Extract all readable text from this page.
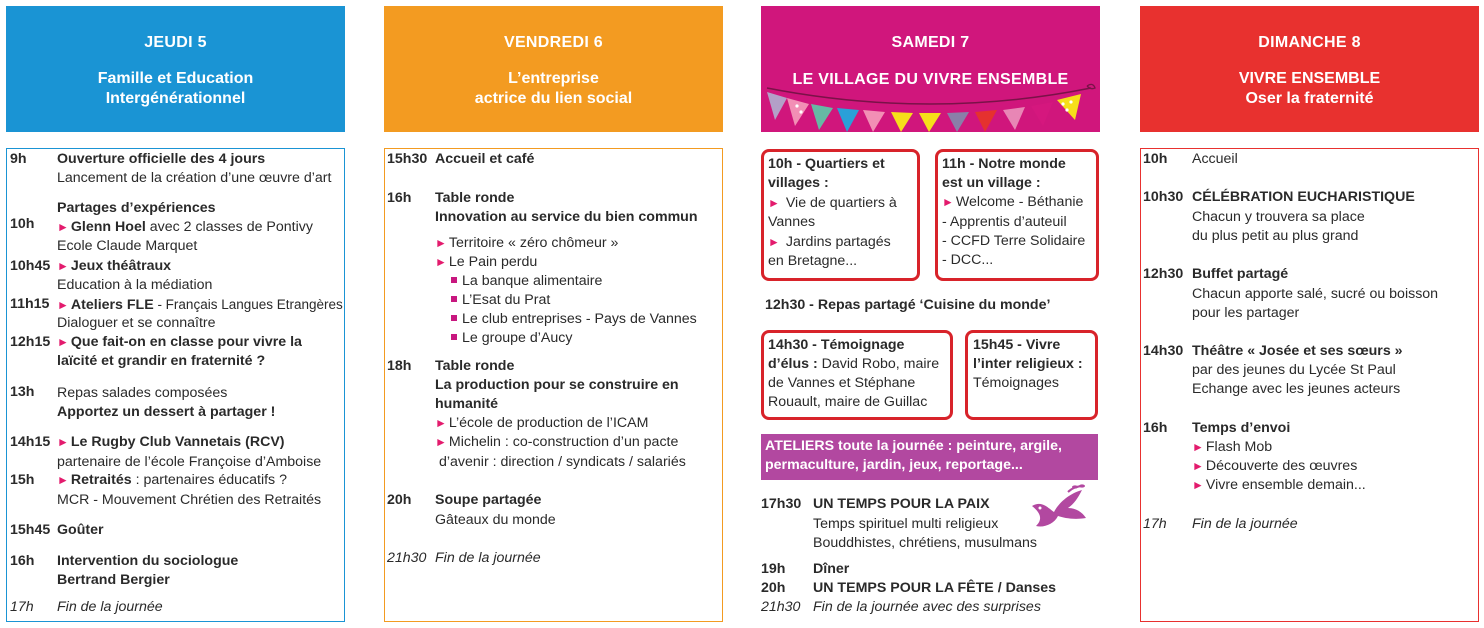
JEUDI 5
Famille et Education
Intergénérationnel
VENDREDI 6
L’entreprise
actrice du lien social
SAMEDI 7
LE VILLAGE DU VIVRE ENSEMBLE
DIMANCHE 8
VIVRE ENSEMBLE
Oser la fraternité
9h Ouverture officielle des 4 jours
Lancement de la création d’une œuvre d’art
Partages d’expériences
10h ► Glenn Hoel avec 2 classes de Pontivy
Ecole Claude Marquet
10h45 ► Jeux théâtraux
Education à la médiation
11h15 ► Ateliers FLE - Français Langues Etrangères
Dialoguer et se connaître
12h15 ► Que fait-on en classe pour vivre la
laïcité et grandir en fraternité ?
13h Repas salades composées
Apportez un dessert à partager !
14h15 ► Le Rugby Club Vannetais (RCV)
partenaire de l’école Françoise d’Amboise
15h ► Retraités : partenaires éducatifs ?
MCR - Mouvement Chrétien des Retraités
15h45 Goûter
16h Intervention du sociologue
Bertrand Bergier
17h Fin de la journée
15h30 Accueil et café
16h Table ronde
Innovation au service du bien commun
► Territoire « zéro chômeur »
► Le Pain perdu
La banque alimentaire
L’Esat du Prat
Le club entreprises - Pays de Vannes
Le groupe d’Aucy
18h Table ronde
La production pour se construire en
humanité
► L’école de production de l’ICAM
► Michelin : co-construction d’un pacte
d’avenir : direction / syndicats / salariés
20h Soupe partagée
Gâteaux du monde
21h30 Fin de la journée
10h - Quartiers et
villages :
► Vie de quartiers à
Vannes
► Jardins partagés
en Bretagne...
11h - Notre monde
est un village :
► Welcome - Béthanie
- Apprentis d’auteuil
- CCFD Terre Solidaire
- DCC...
12h30 - Repas partagé ‘Cuisine du monde’
14h30 - Témoignage
d’élus : David Robo, maire
de Vannes et Stéphane
Rouault, maire de Guillac
15h45 - Vivre
l’inter religieux :
Témoignages
ATELIERS toute la journée : peinture, argile,
permaculture, jardin, jeux, reportage...
17h30 UN TEMPS POUR LA PAIX
Temps spirituel multi religieux
Bouddhistes, chrétiens, musulmans
19h Dîner
20h UN TEMPS POUR LA FÊTE / Danses
21h30 Fin de la journée avec des surprises
10h Accueil
10h30 CÉLÉBRATION EUCHARISTIQUE
Chacun y trouvera sa place
du plus petit au plus grand
12h30 Buffet partagé
Chacun apporte salé, sucré ou boisson
pour les partager
14h30 Théâtre « Josée et ses sœurs »
par des jeunes du Lycée St Paul
Echange avec les jeunes acteurs
16h Temps d’envoi
► Flash Mob
► Découverte des œuvres
► Vivre ensemble demain...
17h Fin de la journée
